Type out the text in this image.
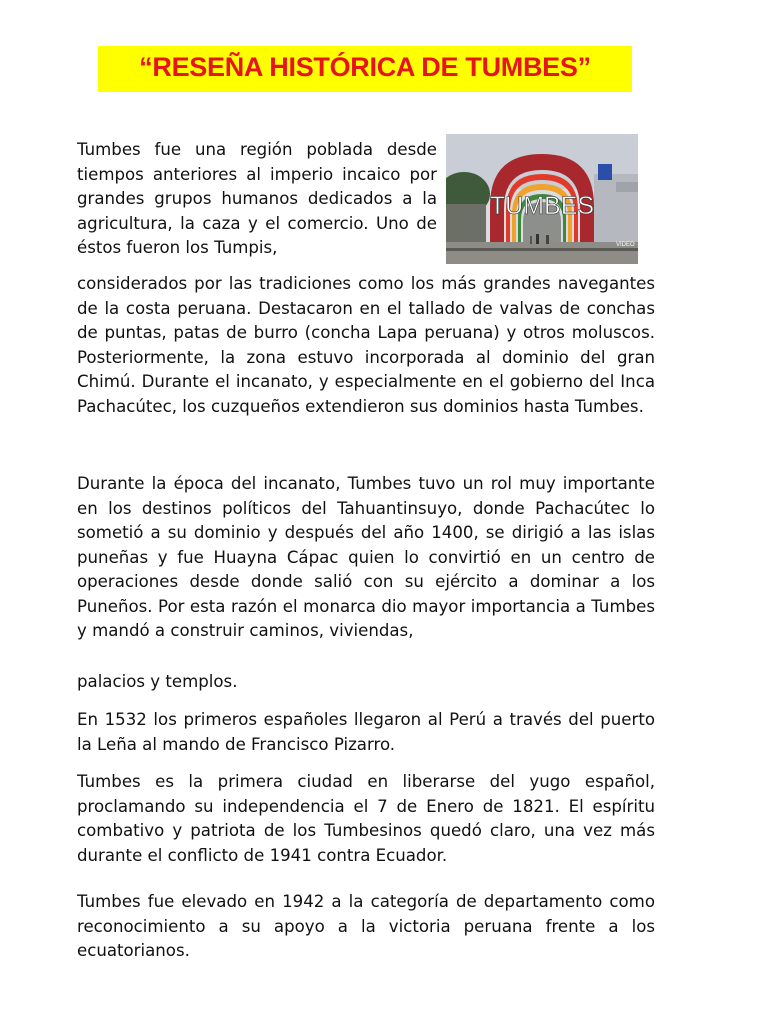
“RESEÑA HISTÓRICA DE TUMBES”
TUMBES
VIDEO

Tumbes fue una región poblada desde tiempos anteriores al imperio incaico por grandes grupos humanos dedicados a la agricultura, la caza y el comercio. Uno de éstos fueron los Tumpis,

considerados por las tradiciones como los más grandes navegantes de la costa peruana. Destacaron en el tallado de valvas de conchas de puntas, patas de burro (concha Lapa peruana) y otros moluscos. Posteriormente, la zona estuvo incorporada al dominio del gran Chimú. Durante el incanato, y especialmente en el gobierno del Inca Pachacútec, los cuzqueños extendieron sus dominios hasta Tumbes.

Durante la época del incanato, Tumbes tuvo un rol muy importante en los destinos políticos del Tahuantinsuyo, donde Pachacútec lo sometió a su dominio y después del año 1400, se dirigió a las islas puneñas y fue Huayna Cápac quien lo convirtió en un centro de operaciones desde donde salió con su ejército a dominar a los Puneños. Por esta razón el monarca dio mayor importancia a Tumbes y mandó a construir caminos, viviendas,

palacios y templos.

En 1532 los primeros españoles llegaron al Perú a través del puerto la Leña al mando de Francisco Pizarro.

Tumbes es la primera ciudad en liberarse del yugo español, proclamando su independencia el 7 de Enero de 1821. El espíritu combativo y patriota de los Tumbesinos quedó claro, una vez más durante el conflicto de 1941 contra Ecuador.

Tumbes fue elevado en 1942 a la categoría de departamento como reconocimiento a su apoyo a la victoria peruana frente a los ecuatorianos.
